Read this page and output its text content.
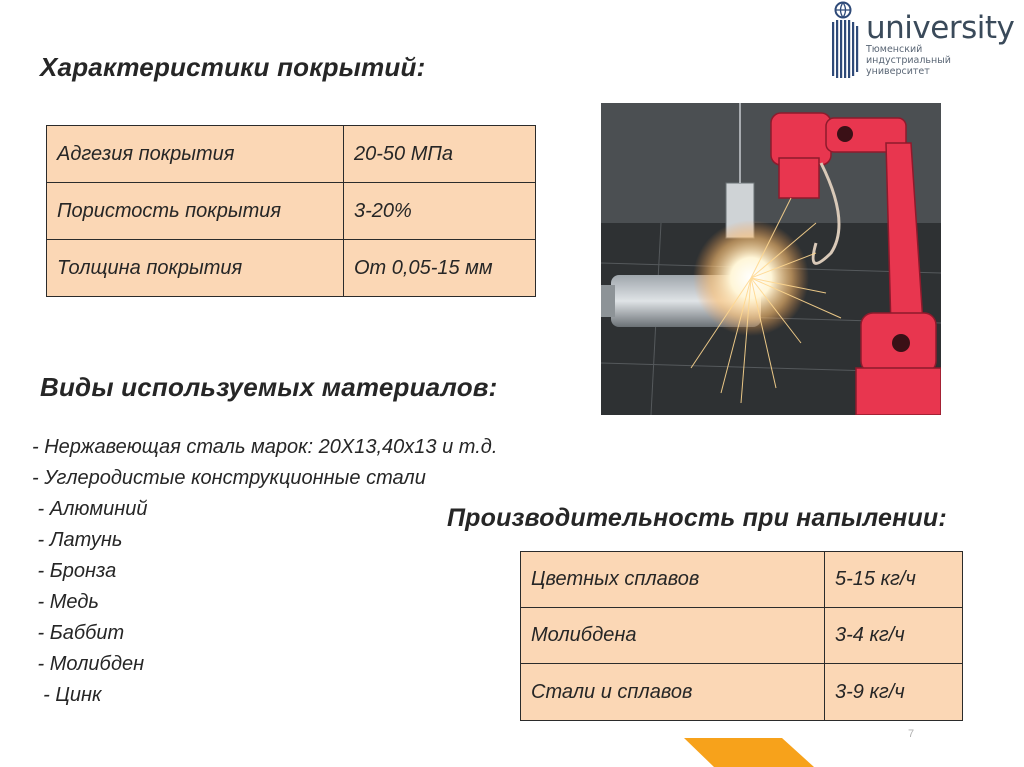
university
Тюменский
индустриальный
университет
Характеристики покрытий:
Адгезия покрытия	20-50 МПа
Пористость покрытия	3-20%
Толщина покрытия	От 0,05-15 мм
Виды используемых материалов:
- Нержавеющая сталь марок: 20Х13,40х13 и т.д.
- Углеродистые конструкционные стали
- Алюминий
- Латунь
- Бронза
- Медь
- Баббит
- Молибден
- Цинк
Производительность при напылении:
Цветных сплавов	5-15 кг/ч
Молибдена	3-4 кг/ч
Стали и сплавов	3-9 кг/ч
7
